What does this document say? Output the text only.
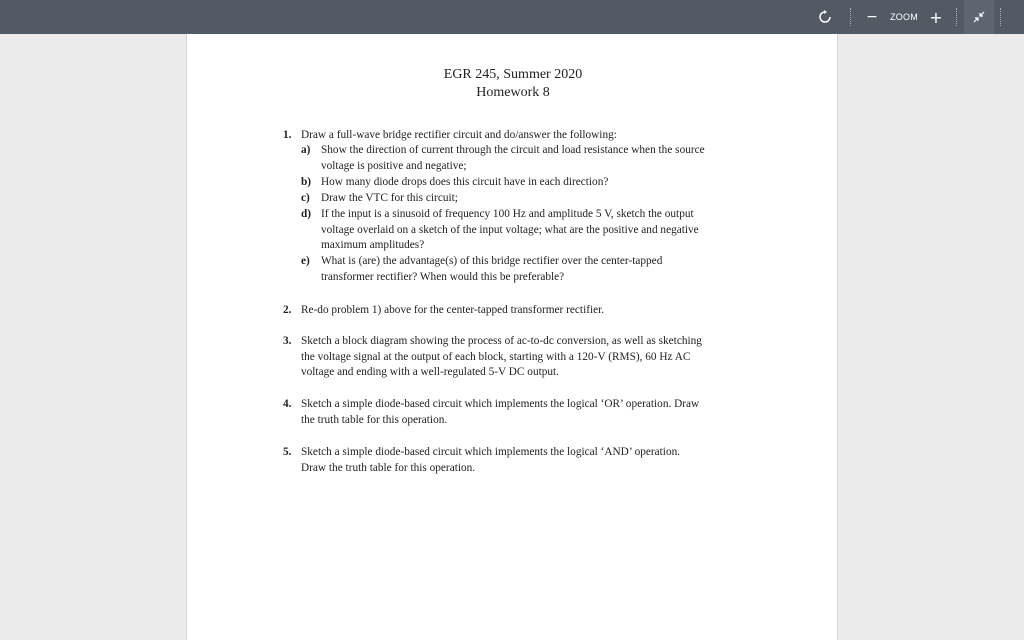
−	ZOOM +
EGR 245, Summer 2020
Homework 8
1. Draw a full-wave bridge rectifier circuit and do/answer the following:
a) Show the direction of current through the circuit and load resistance when the source
voltage is positive and negative;
b) How many diode drops does this circuit have in each direction?
c) Draw the VTC for this circuit;
d) If the input is a sinusoid of frequency 100 Hz and amplitude 5 V, sketch the output
voltage overlaid on a sketch of the input voltage; what are the positive and negative
maximum amplitudes?
e) What is (are) the advantage(s) of this bridge rectifier over the center-tapped
transformer rectifier? When would this be preferable?
2. Re-do problem 1) above for the center-tapped transformer rectifier.
3. Sketch a block diagram showing the process of ac-to-dc conversion, as well as sketching
the voltage signal at the output of each block, starting with a 120-V (RMS), 60 Hz AC
voltage and ending with a well-regulated 5-V DC output.
4. Sketch a simple diode-based circuit which implements the logical ‘OR’ operation. Draw
the truth table for this operation.
5. Sketch a simple diode-based circuit which implements the logical ‘AND’ operation.
Draw the truth table for this operation.
